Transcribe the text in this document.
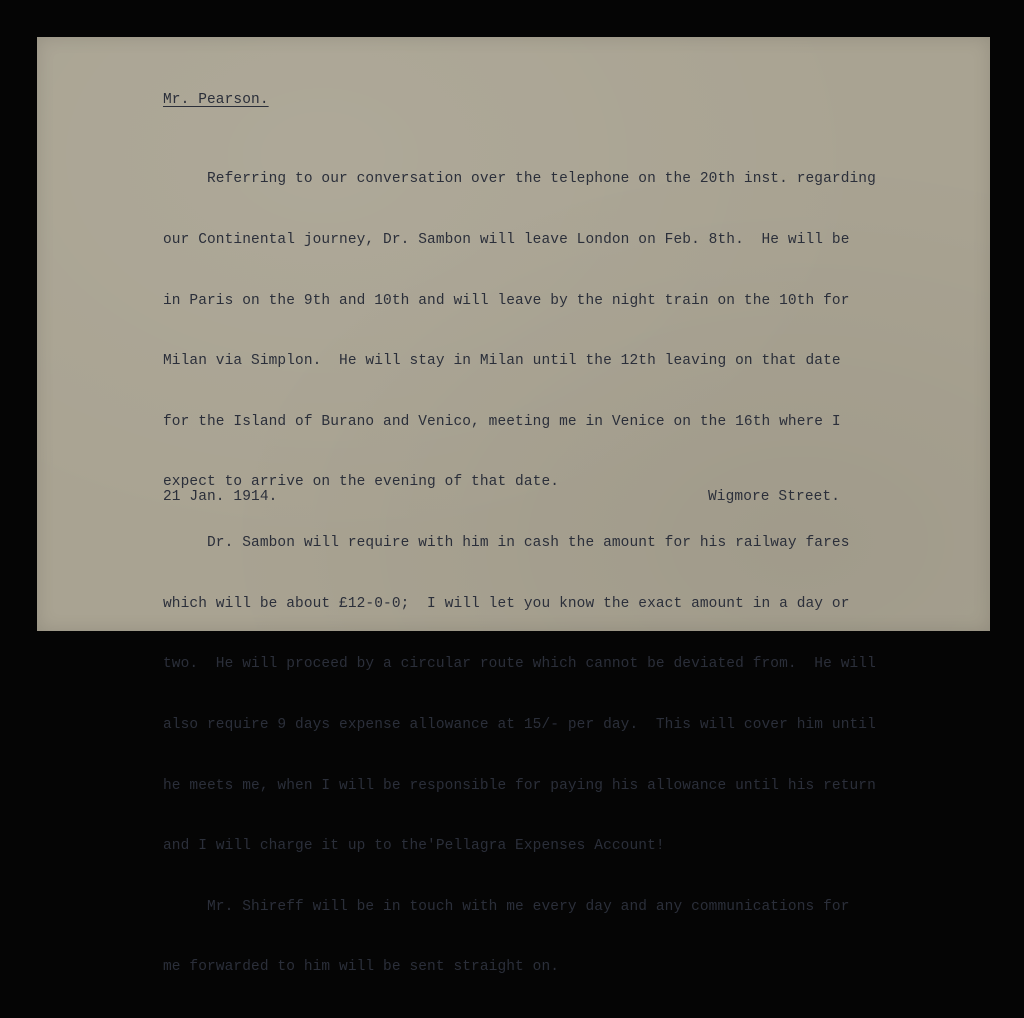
Mr. Pearson.

Referring to our conversation over the telephone on the 20th inst. regarding

our Continental journey, Dr. Sambon will leave London on Feb. 8th.  He will be

in Paris on the 9th and 10th and will leave by the night train on the 10th for

Milan via Simplon.  He will stay in Milan until the 12th leaving on that date

for the Island of Burano and Venico, meeting me in Venice on the 16th where I

expect to arrive on the evening of that date.

Dr. Sambon will require with him in cash the amount for his railway fares

which will be about £12-0-0;  I will let you know the exact amount in a day or

two.  He will proceed by a circular route which cannot be deviated from.  He will

also require 9 days expense allowance at 15/- per day.  This will cover him until

he meets me, when I will be responsible for paying his allowance until his return

and I will charge it up to the'Pellagra Expenses Account!

Mr. Shireff will be in touch with me every day and any communications for

me forwarded to him will be sent straight on.

21 Jan. 1914.	Wigmore Street.
